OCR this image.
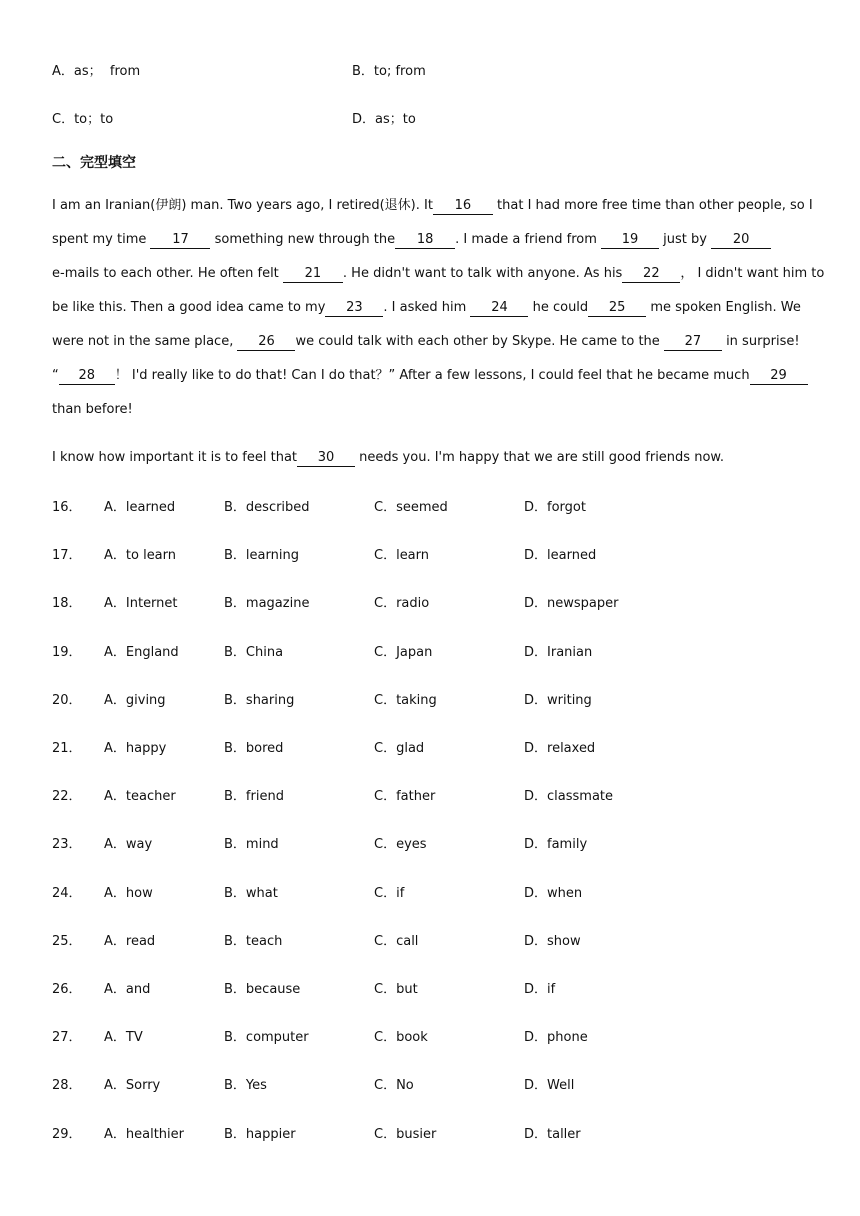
A．as；  from	B．to; from
C．to；to	D．as；to
二、完型填空
I am an Iranian(伊朗) man. Two years ago, I retired(退休). It 16 that I had more free time than other people, so I
spent my time 17 something new through the 18 . I made a friend from 19 just by 20
e-mails to each other. He often felt 21 . He didn't want to talk with anyone. As his 22 ， I didn't want him to
be like this. Then a good idea came to my 23 . I asked him 24 he could 25 me spoken English. We
were not in the same place, 26 we could talk with each other by Skype. He came to the 27 in surprise!
“ 28 ！ I'd really like to do that! Can I do that？” After a few lessons, I could feel that he became much 29
than before!
I know how important it is to feel that 30 needs you. I'm happy that we are still good friends now.
16． A．learned	B．described	C．seemed	D．forgot
17． A．to learn	B．learning	C．learn	D．learned
18． A．Internet	B．magazine	C．radio	D．newspaper
19． A．England	B．China	C．Japan	D．Iranian
20． A．giving	B．sharing	C．taking	D．writing
21． A．happy	B．bored	C．glad	D．relaxed
22． A．teacher	B．friend	C．father	D．classmate
23． A．way	B．mind	C．eyes	D．family
24． A．how	B．what	C．if	D．when
25． A．read	B．teach	C．call	D．show
26． A．and	B．because	C．but	D．if
27． A．TV	B．computer	C．book	D．phone
28． A．Sorry	B．Yes	C．No	D．Well
29． A．healthier	B．happier	C．busier	D．taller
